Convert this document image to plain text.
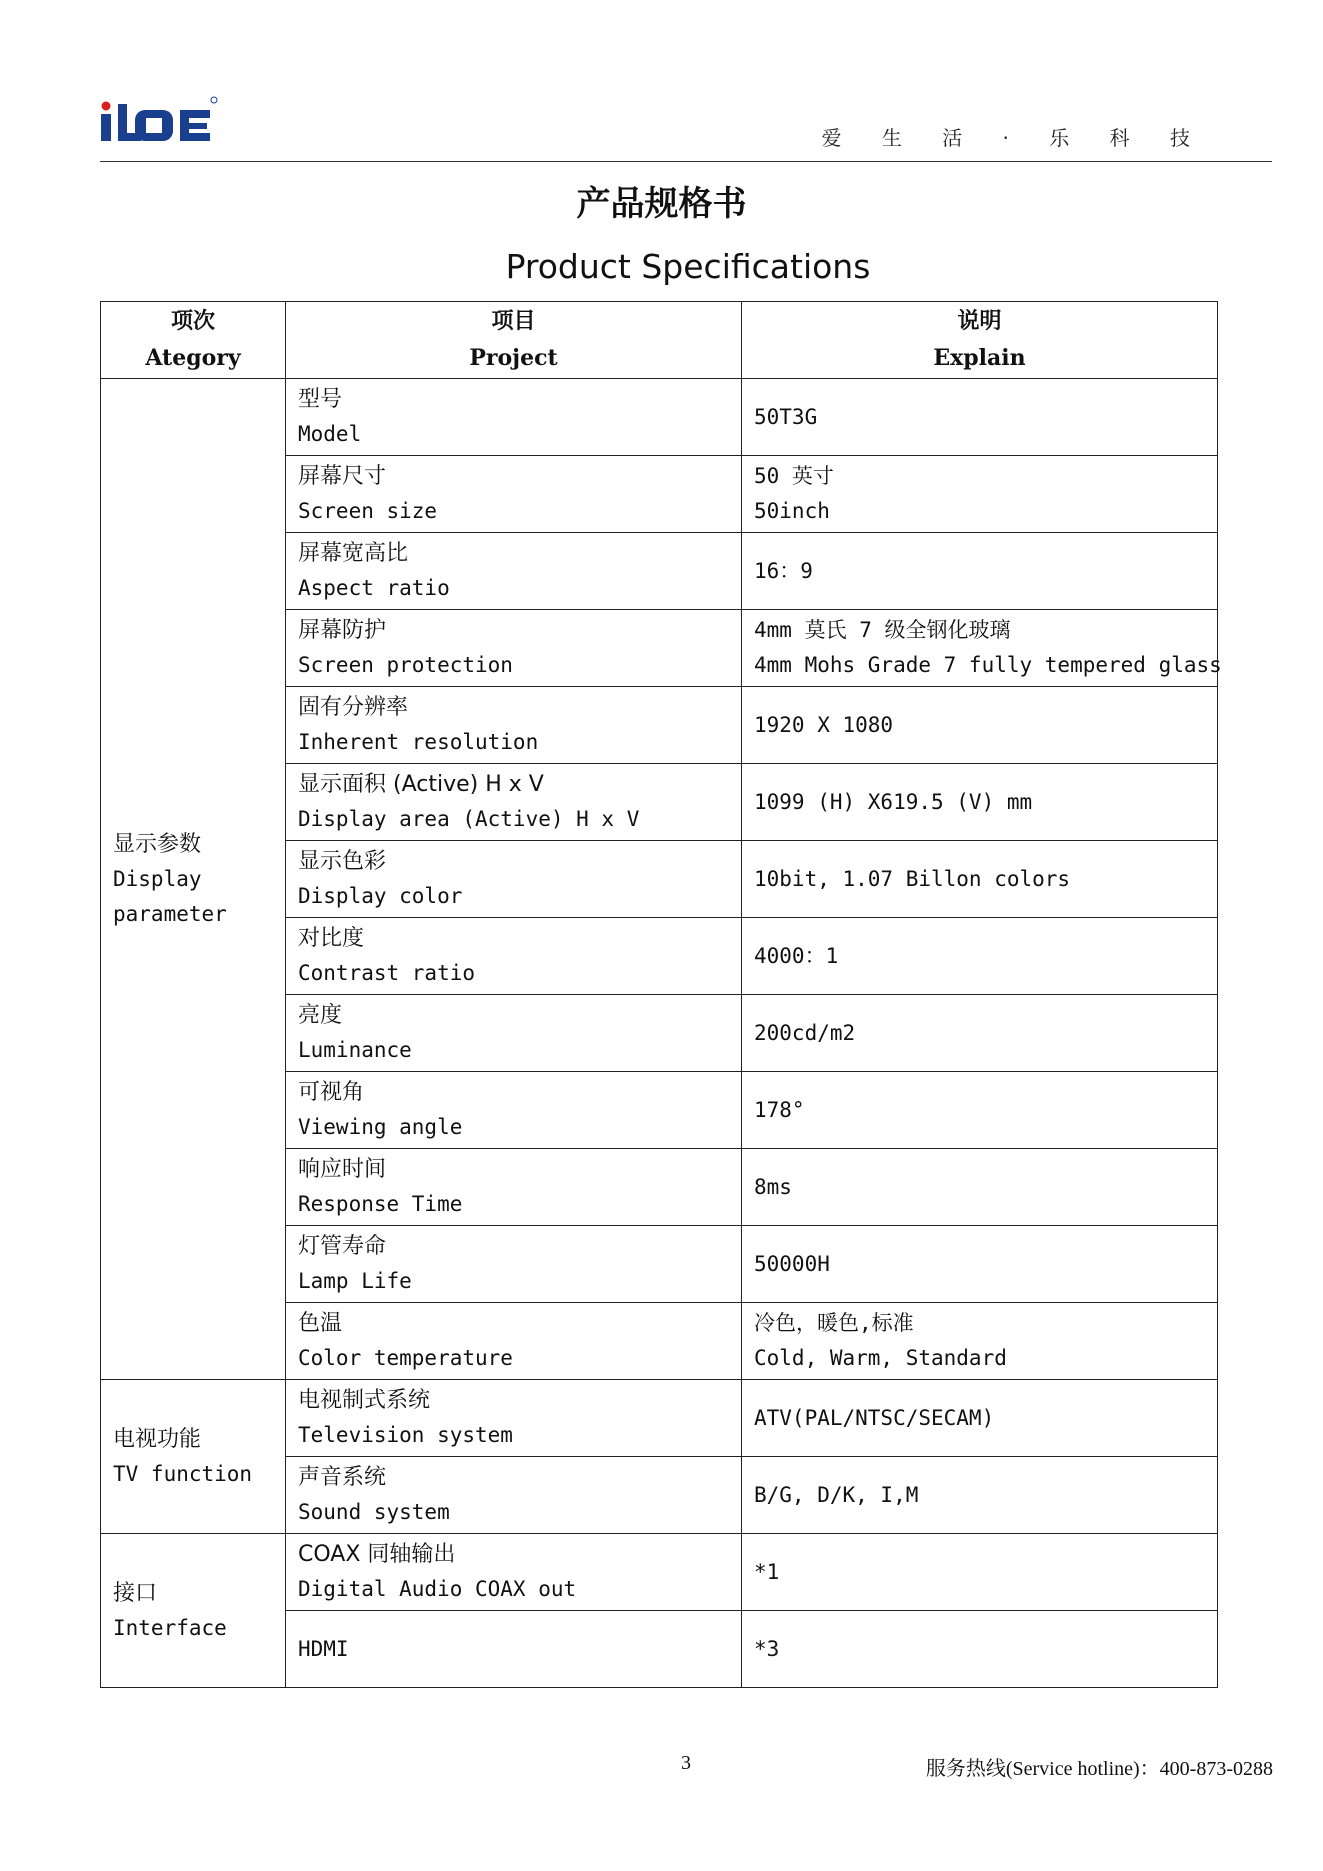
爱 生 活 · 乐 科 技
产品规格书
Product Specifications
项次
Ategory	项目
Project	说明
Explain

显示参数
Display
parameter	型号
Model	50T3G

	屏幕尺寸
Screen size	50 英寸
50inch

	屏幕宽高比
Aspect ratio	16：9

	屏幕防护
Screen protection	4mm 莫氏 7 级全钢化玻璃
4mm Mohs Grade 7 fully tempered glass

	固有分辨率
Inherent resolution	1920 X 1080

	显示面积 (Active) H x V
Display area (Active) H x V	1099 (H) X619.5 (V) mm

	显示色彩
Display color	10bit, 1.07 Billon colors

	对比度
Contrast ratio	4000：1

	亮度
Luminance	200cd/m2

	可视角
Viewing angle	178°

	响应时间
Response Time	8ms

	灯管寿命
Lamp Life	50000H

	色温
Color temperature	冷色，暖色,标准
Cold, Warm, Standard

电视功能
TV function	电视制式系统
Television system	ATV(PAL/NTSC/SECAM)

	声音系统
Sound system	B/G, D/K, I,M

接口
Interface	COAX 同轴输出
Digital Audio COAX out	*1

	HDMI	*3
3	服务热线(Service hotline)：400-873-0288
